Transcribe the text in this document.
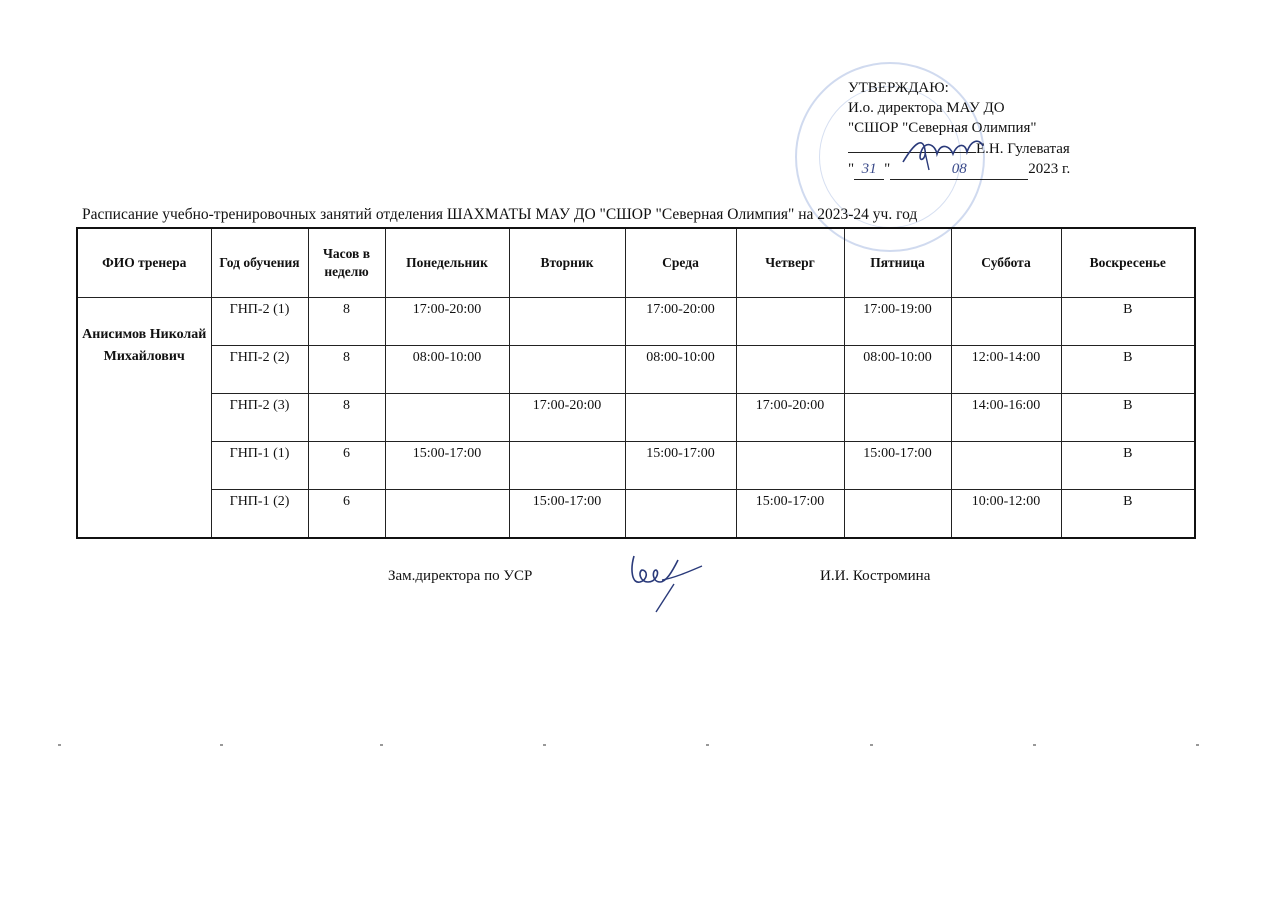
УТВЕРЖДАЮ:
И.о. директора МАУ ДО
"СШОР "Северная Олимпия"
Е.Н. Гулеватая
" 31 "	08	2023 г.
Расписание учебно-тренировочных занятий отделения ШАХМАТЫ МАУ ДО "СШОР "Северная Олимпия" на 2023-24 уч. год
ФИО тренера	Год обучения	Часов в неделю	Понедельник	Вторник	Среда	Четверг	Пятница	Суббота	Воскресенье
Анисимов Николай Михайлович	ГНП-2 (1)	8	17:00-20:00		17:00-20:00		17:00-19:00		В
	ГНП-2 (2)	8	08:00-10:00		08:00-10:00		08:00-10:00	12:00-14:00	В
	ГНП-2 (3)	8		17:00-20:00		17:00-20:00		14:00-16:00	В
	ГНП-1 (1)	6	15:00-17:00		15:00-17:00		15:00-17:00		В
	ГНП-1 (2)	6		15:00-17:00		15:00-17:00		10:00-12:00	В
Зам.директора по УСР	И.И. Костромина
